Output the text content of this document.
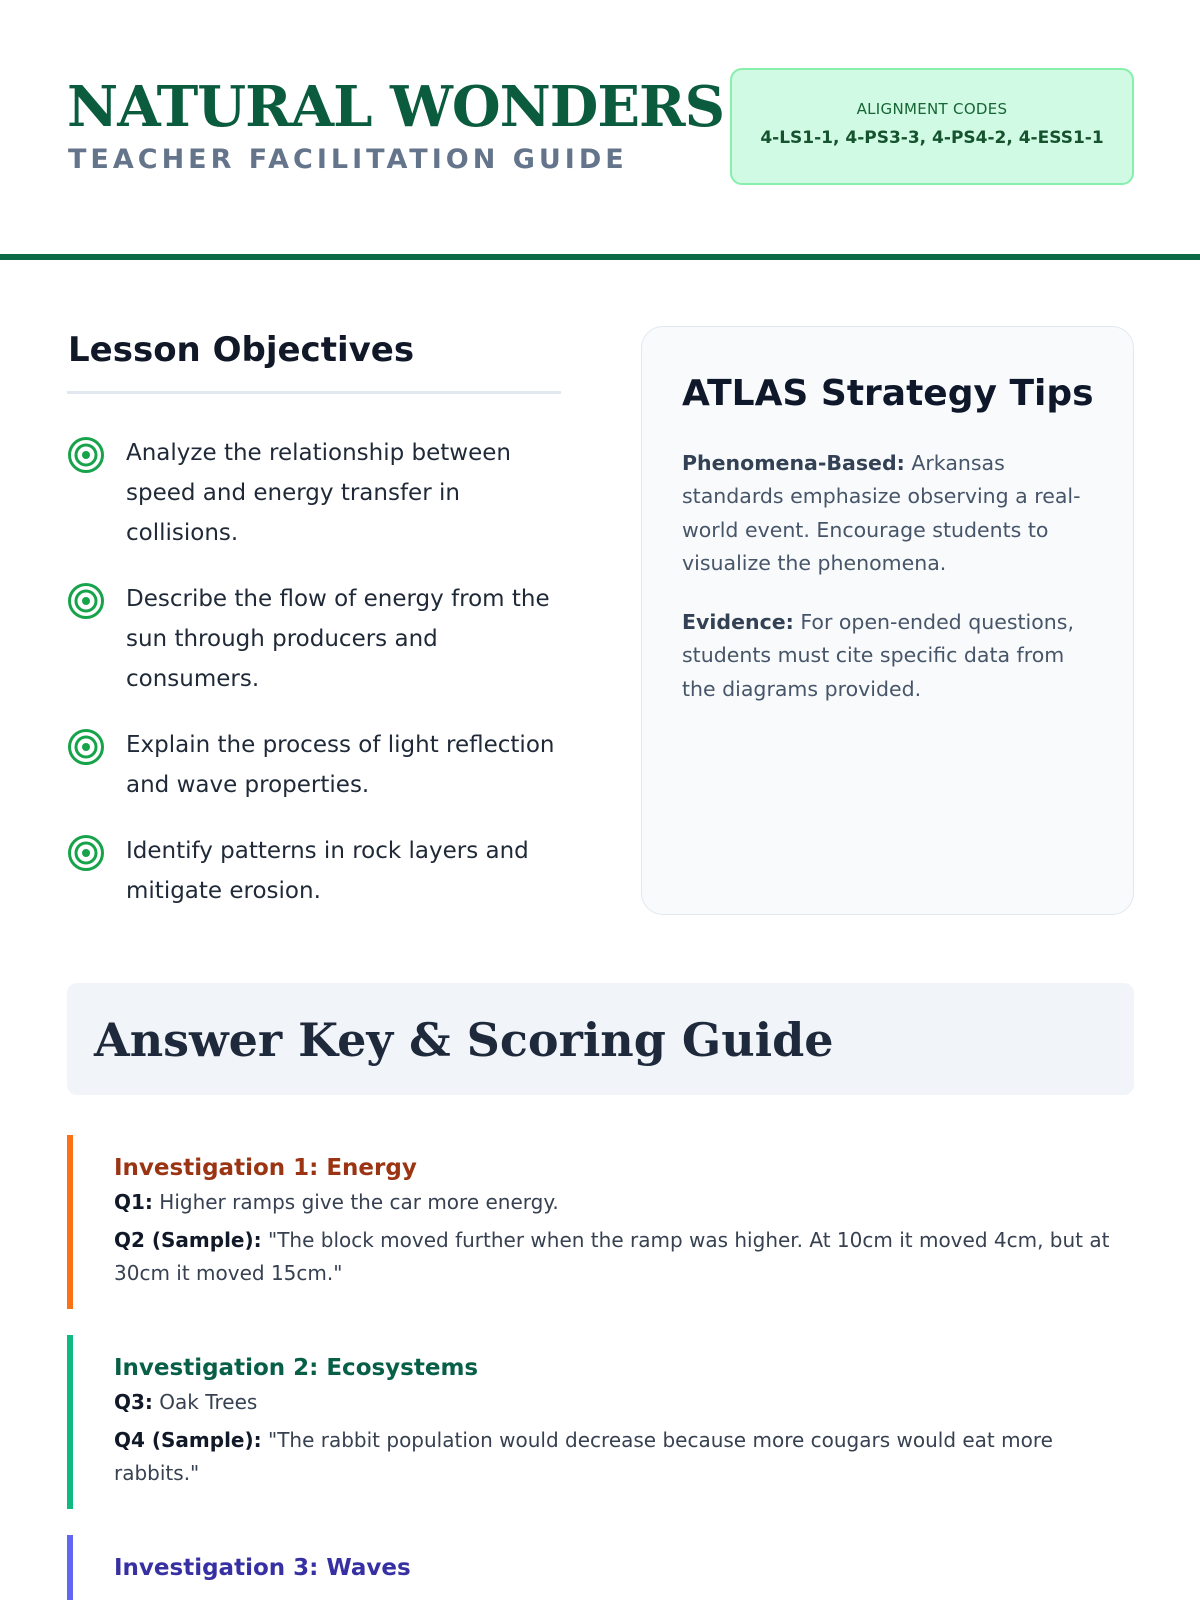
NATURAL WONDERS
TEACHER FACILITATION GUIDE
ALIGNMENT CODES
4-LS1-1, 4-PS3-3, 4-PS4-2, 4-ESS1-1
Lesson Objectives
Analyze the relationship between speed and energy transfer in collisions.
Describe the flow of energy from the sun through producers and consumers.
Explain the process of light reflection and wave properties.
Identify patterns in rock layers and mitigate erosion.
ATLAS Strategy Tips

Phenomena-Based: Arkansas standards emphasize observing a real-world event. Encourage students to visualize the phenomena.

Evidence: For open-ended questions, students must cite specific data from the diagrams provided.

Answer Key & Scoring Guide
Investigation 1: Energy

Q1: Higher ramps give the car more energy.

Q2 (Sample): "The block moved further when the ramp was higher. At 10cm it moved 4cm, but at 30cm it moved 15cm."

Investigation 2: Ecosystems

Q3: Oak Trees

Q4 (Sample): "The rabbit population would decrease because more cougars would eat more rabbits."

Investigation 3: Waves
